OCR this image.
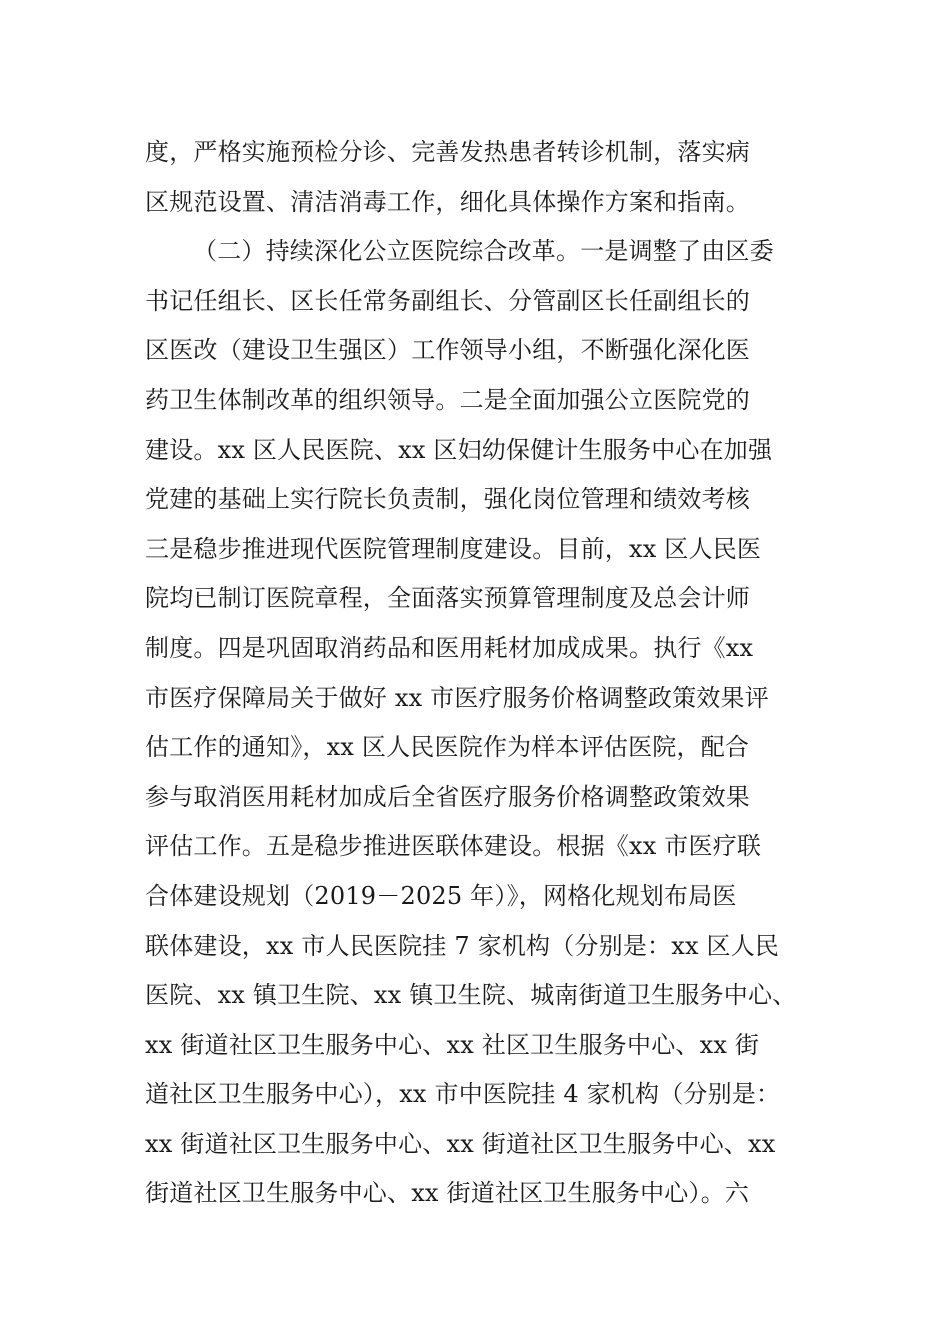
度，严格实施预检分诊、完善发热患者转诊机制，落实病
区规范设置、清洁消毒工作，细化具体操作方案和指南。
（二）持续深化公立医院综合改革。一是调整了由区委
书记任组长、区长任常务副组长、分管副区长任副组长的
区医改（建设卫生强区）工作领导小组，不断强化深化医
药卫生体制改革的组织领导。二是全面加强公立医院党的
建设。xx 区人民医院、xx 区妇幼保健计生服务中心在加强
党建的基础上实行院长负责制，强化岗位管理和绩效考核
三是稳步推进现代医院管理制度建设。目前，xx 区人民医
院均已制订医院章程，全面落实预算管理制度及总会计师
制度。四是巩固取消药品和医用耗材加成成果。执行《xx
市医疗保障局关于做好 xx 市医疗服务价格调整政策效果评
估工作的通知》，xx 区人民医院作为样本评估医院，配合
参与取消医用耗材加成后全省医疗服务价格调整政策效果
评估工作。五是稳步推进医联体建设。根据《xx 市医疗联
合体建设规划（2019－2025 年）》，网格化规划布局医
联体建设，xx 市人民医院挂 7 家机构（分别是：xx 区人民
医院、xx 镇卫生院、xx 镇卫生院、城南街道卫生服务中心、
xx 街道社区卫生服务中心、xx 社区卫生服务中心、xx 街
道社区卫生服务中心），xx 市中医院挂 4 家机构（分别是：
xx 街道社区卫生服务中心、xx 街道社区卫生服务中心、xx
街道社区卫生服务中心、xx 街道社区卫生服务中心）。六
